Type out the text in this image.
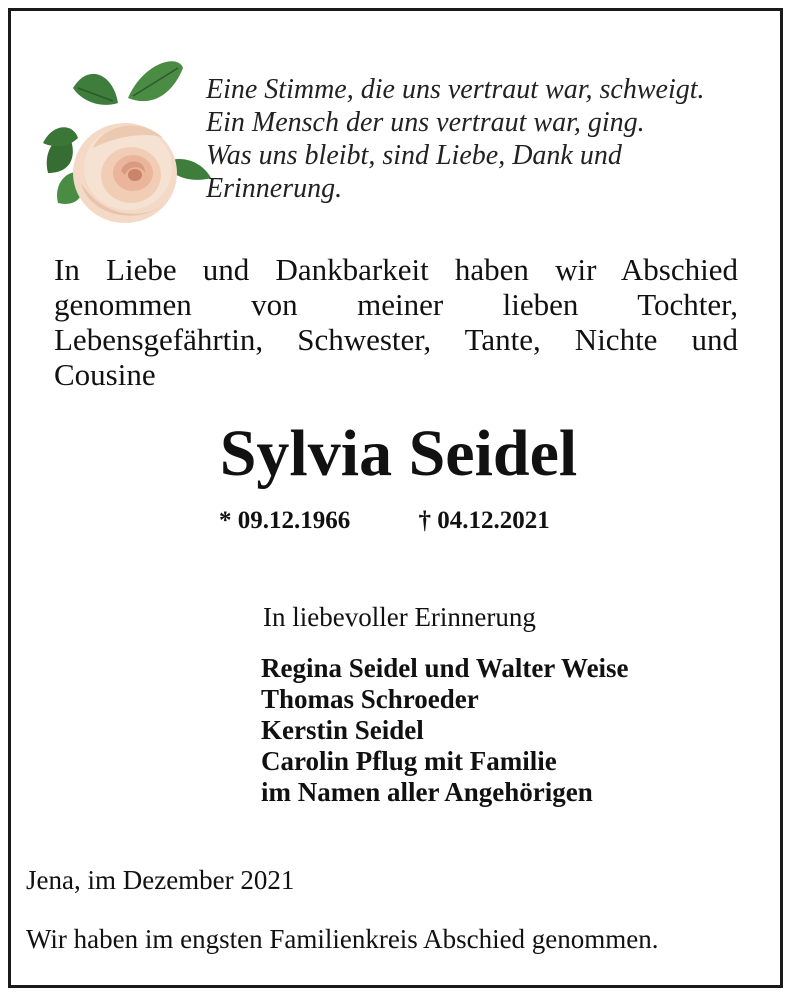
Eine Stimme, die uns vertraut war, schweigt.
Ein Mensch der uns vertraut war, ging.
Was uns bleibt, sind Liebe, Dank und
Erinnerung.
In Liebe und Dankbarkeit haben wir Abschied genommen von meiner lieben Tochter, Lebensgefährtin, Schwester, Tante, Nichte und Cousine
Sylvia Seidel
* 09.12.1966	† 04.12.2021
In liebevoller Erinnerung
Regina Seidel und Walter Weise
Thomas Schroeder
Kerstin Seidel
Carolin Pflug mit Familie
im Namen aller Angehörigen
Jena, im Dezember 2021
Wir haben im engsten Familienkreis Abschied genommen.
